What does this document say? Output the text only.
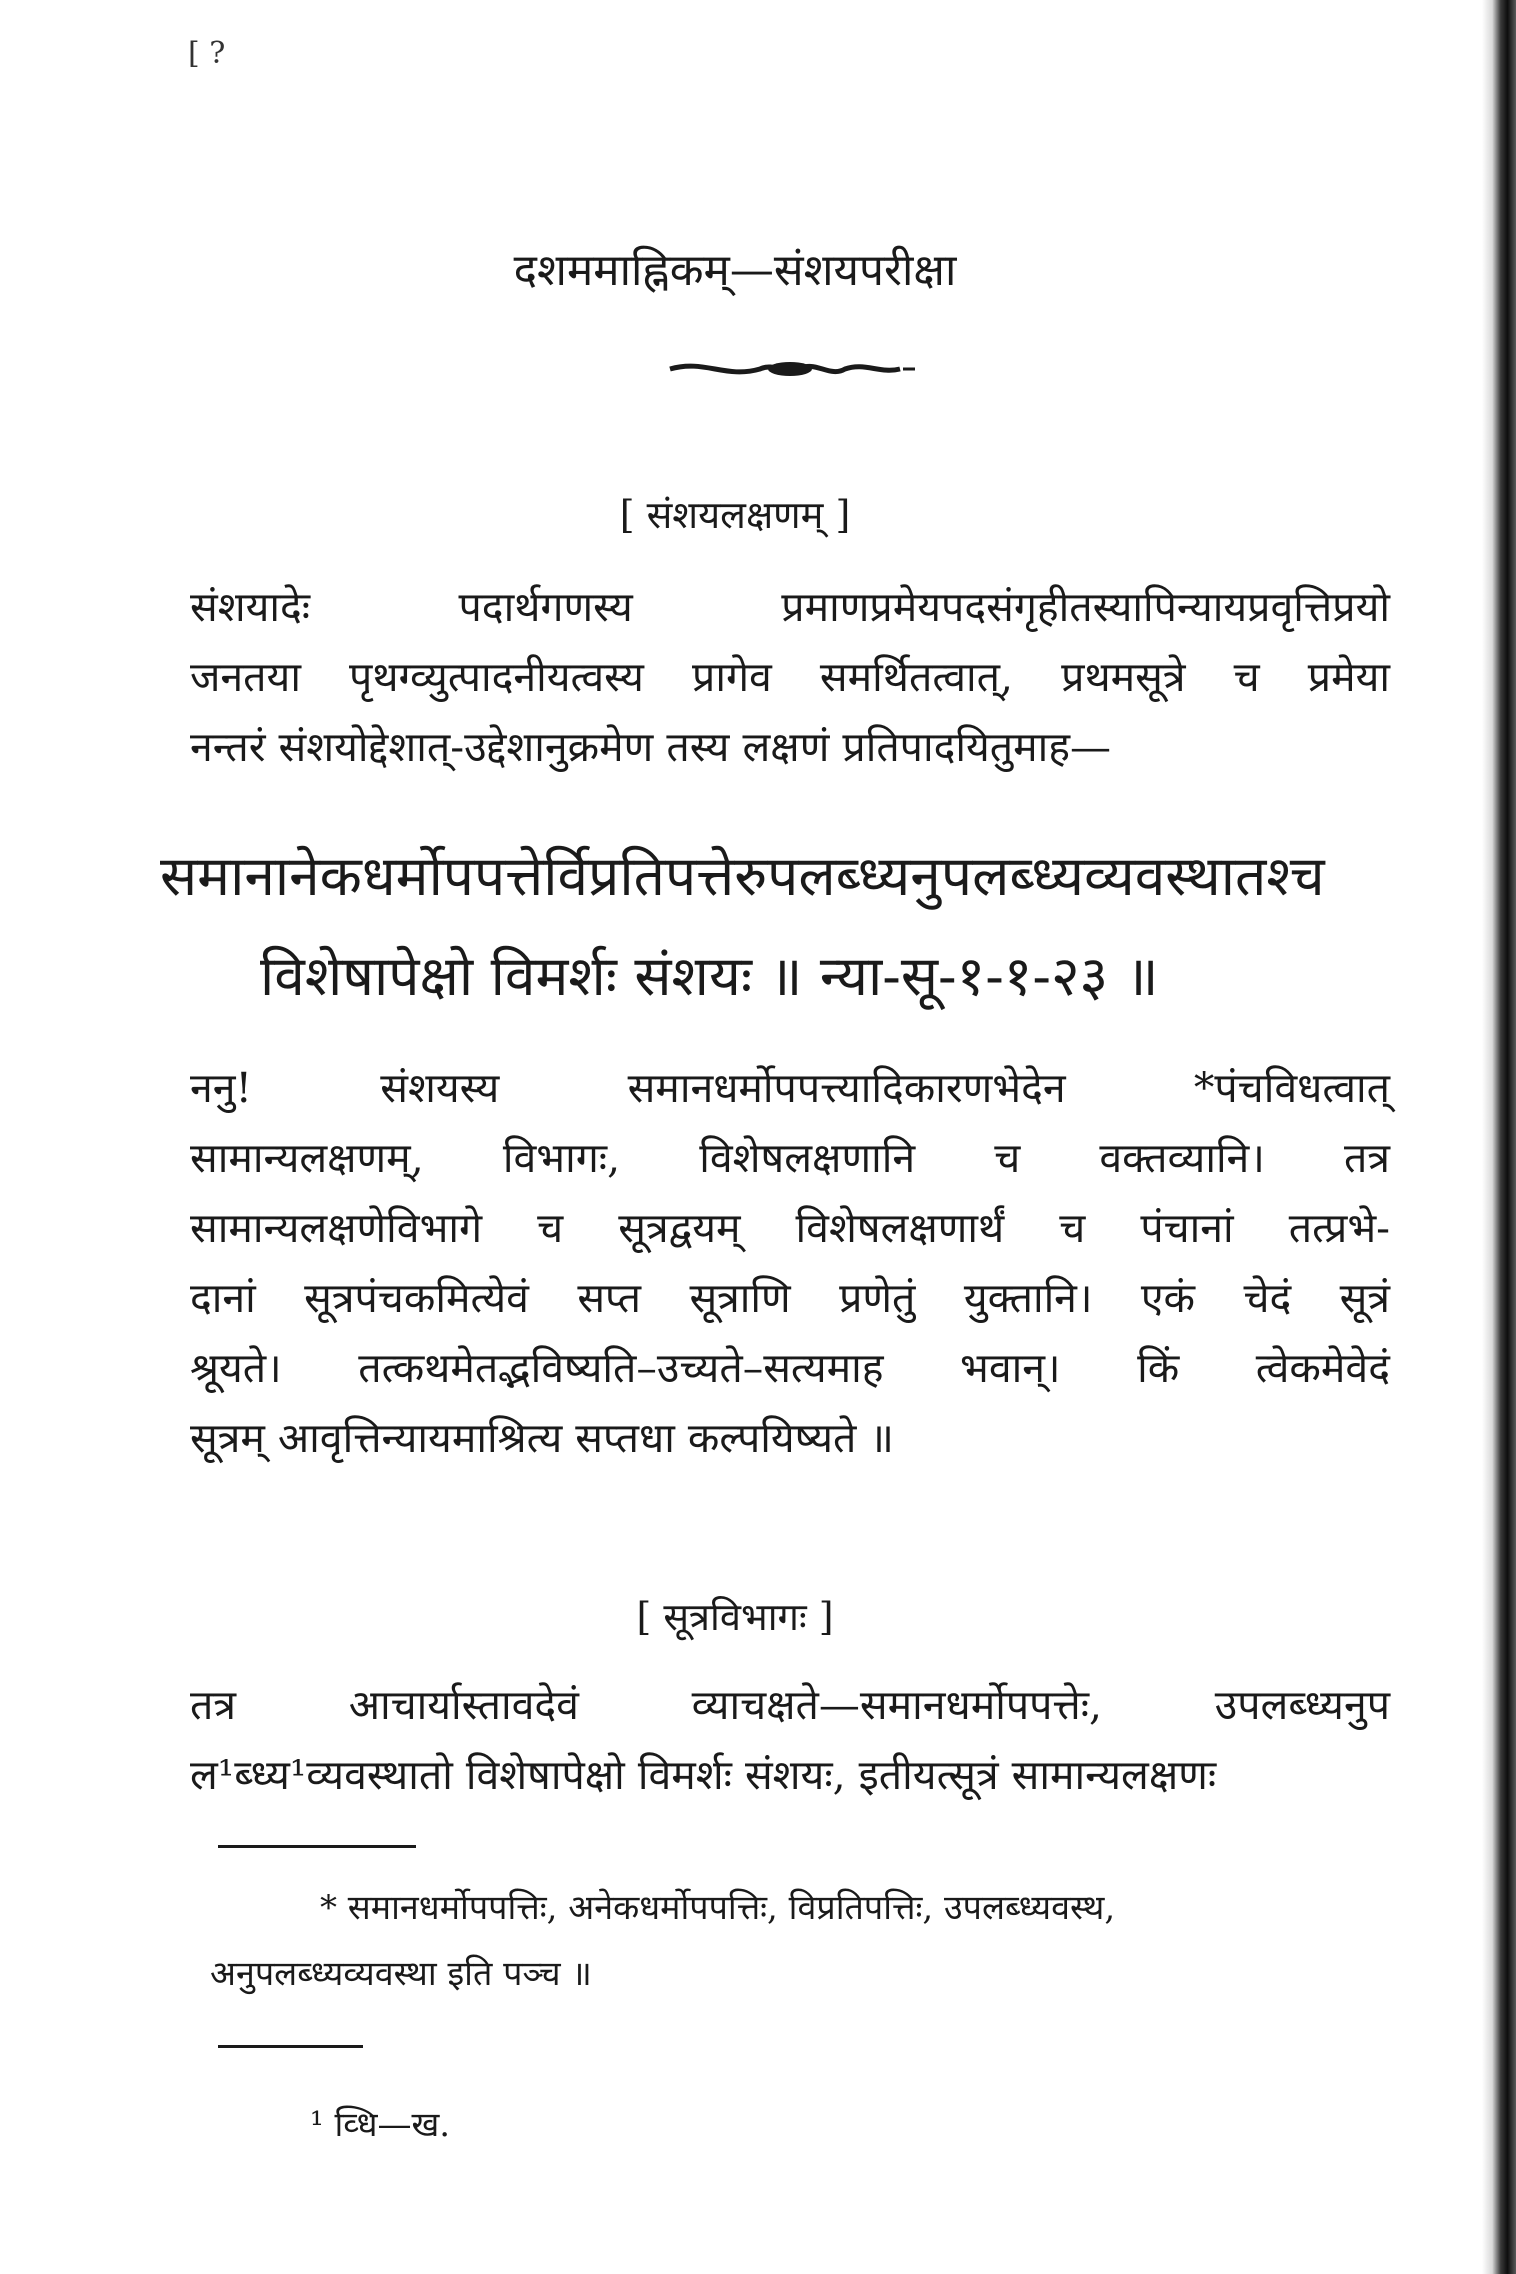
[ ?
दशममाह्निकम्—संशयपरीक्षा
[ संशयलक्षणम् ]

संशयादेः पदार्थगणस्य प्रमाणप्रमेयपदसंगृहीतस्यापिन्यायप्रवृत्तिप्रयो
जनतया पृथग्व्युत्पादनीयत्वस्य प्रागेव समर्थितत्वात्, प्रथमसूत्रे च प्रमेया
नन्तरं संशयोद्देशात्-उद्देशानुक्रमेण तस्य लक्षणं प्रतिपादयितुमाह—

समानानेकधर्मोपपत्तेर्विप्रतिपत्तेरुपलब्ध्यनुपलब्ध्यव्यवस्थातश्च
विशेषापेक्षो विमर्शः संशयः ॥ न्या-सू-१-१-२३ ॥

ननु! संशयस्य समानधर्मोपपत्त्यादिकारणभेदेन *पंचविधत्वात्
सामान्यलक्षणम्, विभागः, विशेषलक्षणानि च वक्तव्यानि। तत्र
सामान्यलक्षणेविभागे च सूत्रद्वयम् विशेषलक्षणार्थं च पंचानां तत्प्रभे-
दानां सूत्रपंचकमित्येवं सप्त सूत्राणि प्रणेतुं युक्तानि। एकं चेदं सूत्रं
श्रूयते। तत्कथमेतद्भविष्यति–उच्यते–सत्यमाह भवान्। किं त्वेकमेवेदं
सूत्रम् आवृत्तिन्यायमाश्रित्य सप्तधा कल्पयिष्यते ॥

[ सूत्रविभागः ]

तत्र आचार्यास्तावदेवं व्याचक्षते—समानधर्मोपपत्तेः, उपलब्ध्यनुप
ल¹ब्ध्य¹व्यवस्थातो विशेषापेक्षो विमर्शः संशयः, इतीयत्सूत्रं सामान्यलक्षणः

* समानधर्मोपपत्तिः, अनेकधर्मोपपत्तिः, विप्रतिपत्तिः, उपलब्ध्यवस्थ,
अनुपलब्ध्यव्यवस्था इति पञ्च ॥

¹ व्धि—ख.
